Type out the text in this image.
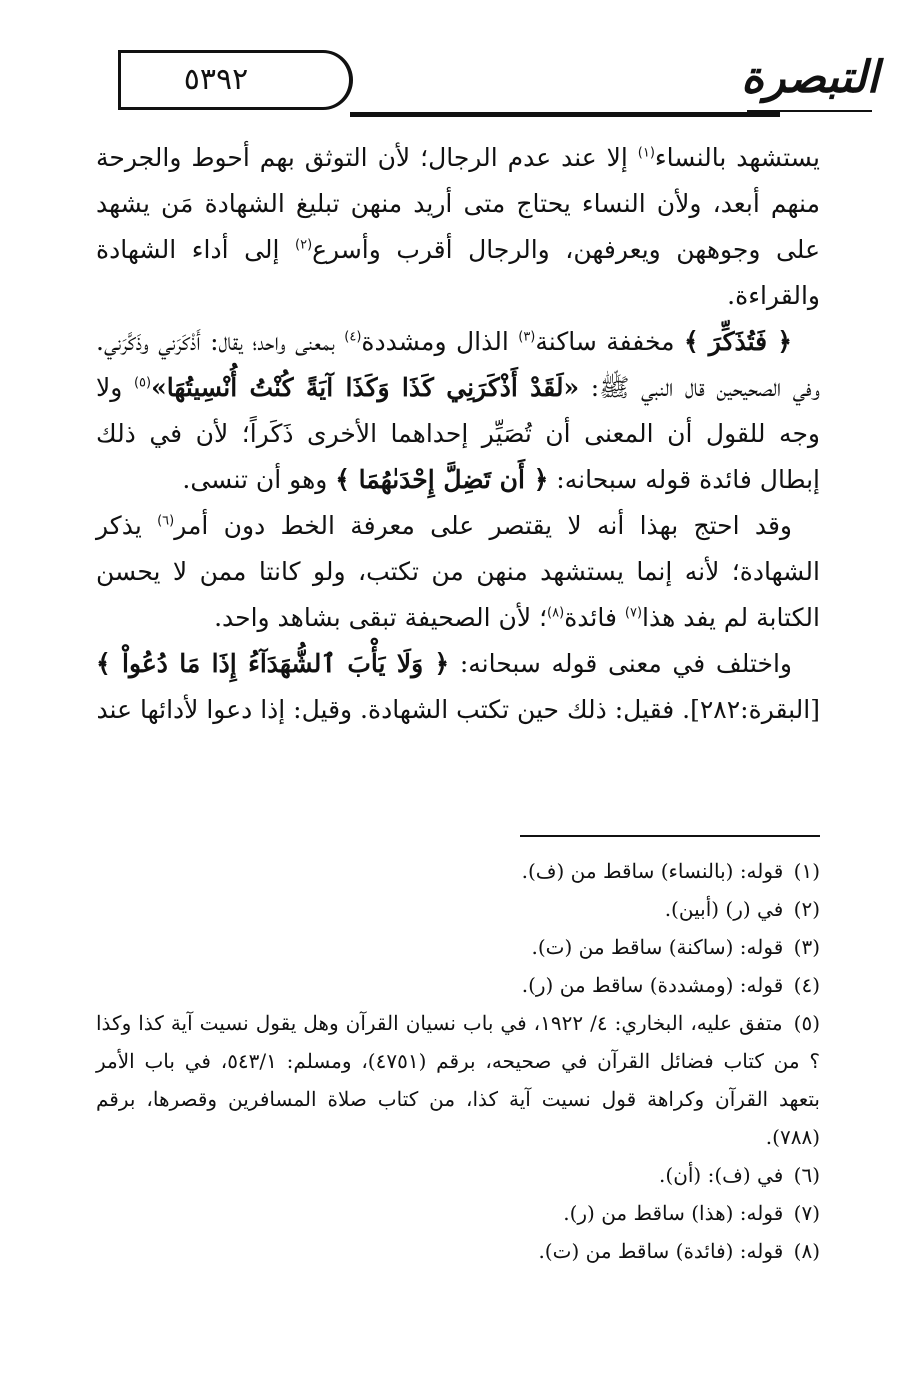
٥٣٩٢	التبصرة

يستشهد بالنساء$^{(١)}$ إلا عند عدم الرجال؛ لأن التوثق بهم أحوط والجرحة منهم أبعد، ولأن النساء يحتاج متى أريد منهن تبليغ الشهادة مَن يشهد على وجوههن ويعرفهن، والرجال أقرب وأسرع$^{(٢)}$ إلى أداء الشهادة والقراءة.

﴿ فَتُذَكِّرَ ﴾ مخففة ساكنة$^{(٣)}$ الذال ومشددة$^{(٤)}$ بمعنى واحد؛ يقال: أَذْكَرَني وذَكَّرَني. وفي الصحيحين قال النبي ﷺ: «لَقَدْ أَذْكَرَنِي كَذَا وَكَذَا آيَةً كُنْتُ أُنْسِيتُهَا»$^{(٥)}$ ولا وجه للقول أن المعنى أن تُصَيِّر إحداهما الأخرى ذَكَراً؛ لأن في ذلك إبطال فائدة قوله سبحانه: ﴿ أَن تَضِلَّ إِحْدَىٰهُمَا ﴾ وهو أن تنسى.

وقد احتج بهذا أنه لا يقتصر على معرفة الخط دون أمر$^{(٦)}$ يذكر الشهادة؛ لأنه إنما يستشهد منهن من تكتب، ولو كانتا ممن لا يحسن الكتابة لم يفد هذا$^{(٧)}$ فائدة$^{(٨)}$؛ لأن الصحيفة تبقى بشاهد واحد.

واختلف في معنى قوله سبحانه: ﴿ وَلَا يَأْبَ ٱلشُّهَدَآءُ إِذَا مَا دُعُواْ ﴾ [البقرة:٢٨٢]. فقيل: ذلك حين تكتب الشهادة. وقيل: إذا دعوا لأدائها عند

(١) قوله: (بالنساء) ساقط من (ف).

(٢) في (ر) (أبين).

(٣) قوله: (ساكنة) ساقط من (ت).

(٤) قوله: (ومشددة) ساقط من (ر).

(٥) متفق عليه، البخاري: ٤/ ١٩٢٢، في باب نسيان القرآن وهل يقول نسيت آية كذا وكذا ؟ من كتاب فضائل القرآن في صحيحه، برقم (٤٧٥١)، ومسلم: ٥٤٣/١، في باب الأمر بتعهد القرآن وكراهة قول نسيت آية كذا، من كتاب صلاة المسافرين وقصرها، برقم (٧٨٨).

(٦) في (ف): (أن).

(٧) قوله: (هذا) ساقط من (ر).

(٨) قوله: (فائدة) ساقط من (ت).
